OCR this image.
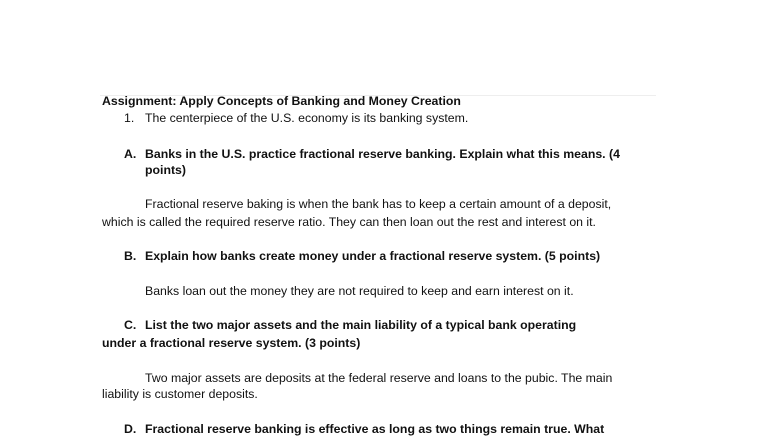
Assignment: Apply Concepts of Banking and Money Creation

1. The centerpiece of the U.S. economy is its banking system.

A. Banks in the U.S. practice fractional reserve banking. Explain what this means. (4

points)

Fractional reserve baking is when the bank has to keep a certain amount of a deposit,

which is called the required reserve ratio. They can then loan out the rest and interest on it.

B. Explain how banks create money under a fractional reserve system. (5 points)

Banks loan out the money they are not required to keep and earn interest on it.

C. List the two major assets and the main liability of a typical bank operating

under a fractional reserve system. (3 points)

Two major assets are deposits at the federal reserve and loans to the pubic. The main

liability is customer deposits.

D. Fractional reserve banking is effective as long as two things remain true. What
